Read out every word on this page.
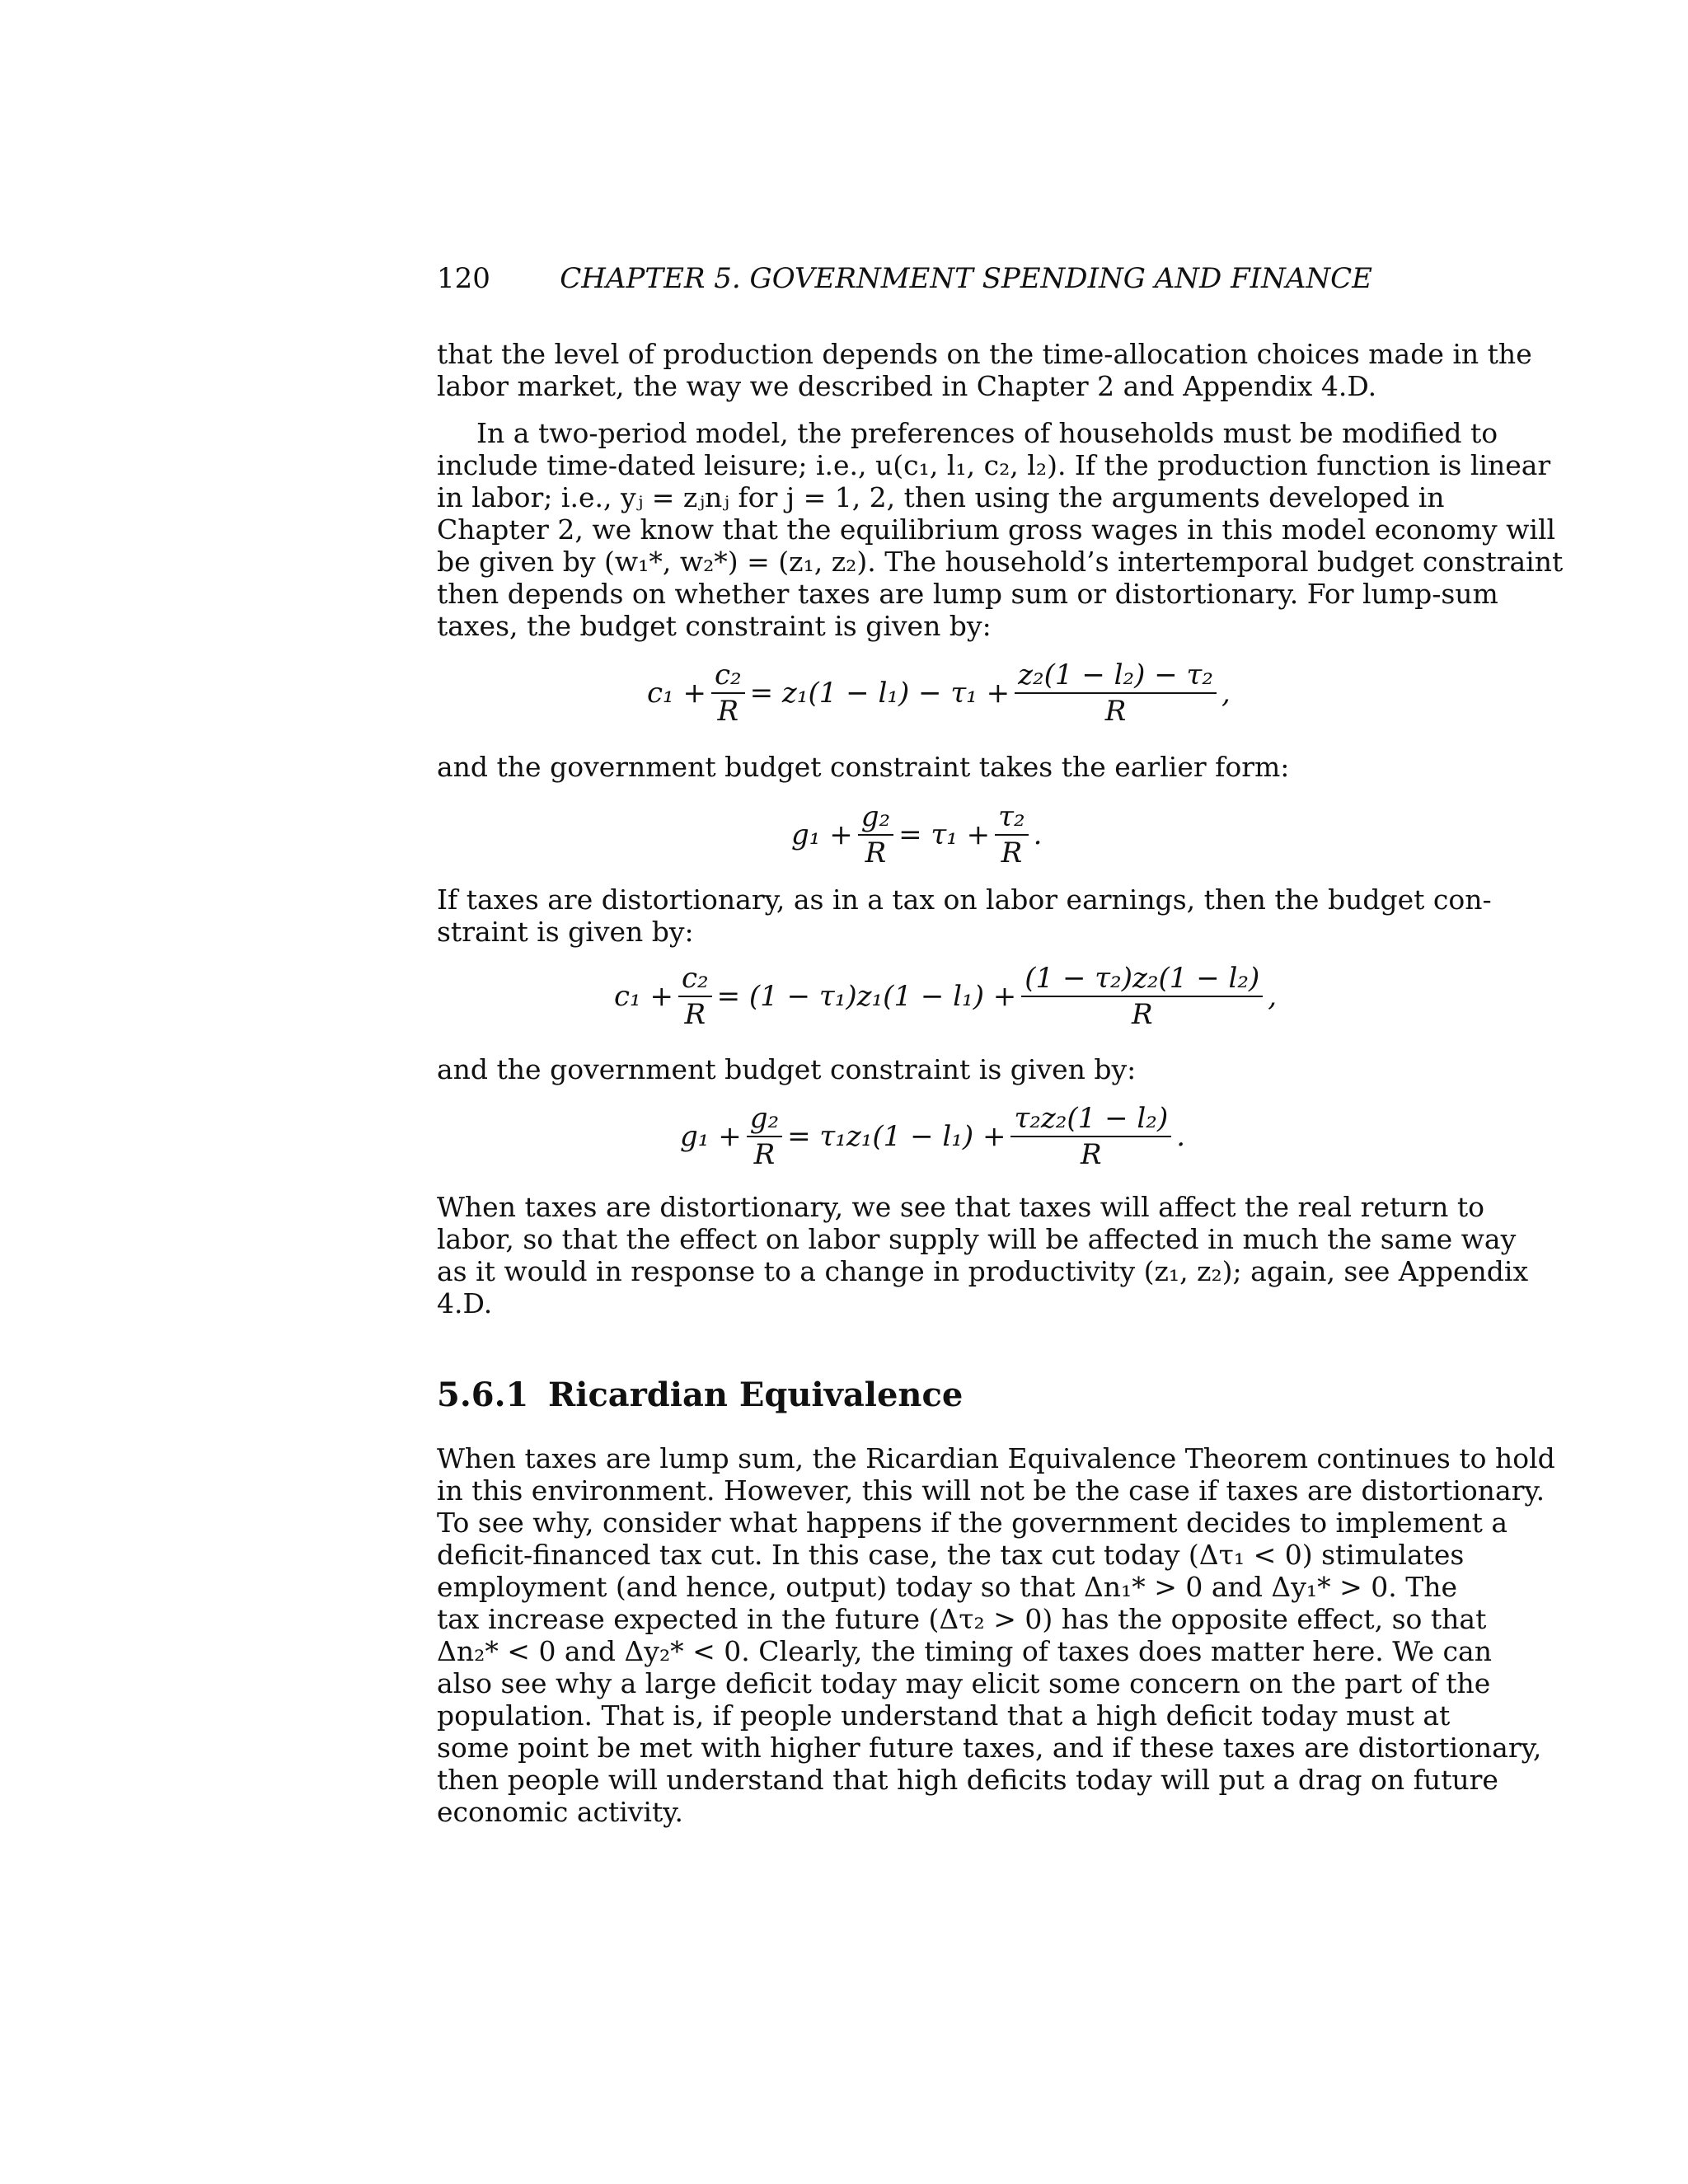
120 CHAPTER 5. GOVERNMENT SPENDING AND FINANCE
that the level of production depends on the time-allocation choices made in the
labor market, the way we described in Chapter 2 and Appendix 4.D.
In a two-period model, the preferences of households must be modified to
include time-dated leisure; i.e., u(c₁, l₁, c₂, l₂). If the production function is linear
in labor; i.e., yⱼ = zⱼnⱼ for j = 1, 2, then using the arguments developed in
Chapter 2, we know that the equilibrium gross wages in this model economy will
be given by (w₁*, w₂*) = (z₁, z₂). The household’s intertemporal budget constraint
then depends on whether taxes are lump sum or distortionary. For lump-sum
taxes, the budget constraint is given by:
$c_1 + \frac{\text{c₂}}{R} = z_1(1 - l_1) - \tau_1 + \frac{\text{z₂(1 − l₂) − τ₂}}{R}$ ,
and the government budget constraint takes the earlier form:
$g_1 + \frac{\text{g₂}}{R} = \tau_1 + \frac{\text{τ₂}}{R}$ .
If taxes are distortionary, as in a tax on labor earnings, then the budget con-
straint is given by:
$c_1 + \frac{\text{c₂}}{R} = (1 - \tau_1)z_1(1 - l_1) + \frac{\text{(1 − τ₂)z₂(1 − l₂)}}{R}$ ,
and the government budget constraint is given by:
$g_1 + \frac{\text{g₂}}{R} = \tau_1z_1(1 - l_1) + \frac{\text{τ₂z₂(1 − l₂)}}{R}$ .
When taxes are distortionary, we see that taxes will affect the real return to
labor, so that the effect on labor supply will be affected in much the same way
as it would in response to a change in productivity (z₁, z₂); again, see Appendix
4.D.
5.6.1 Ricardian Equivalence
When taxes are lump sum, the Ricardian Equivalence Theorem continues to hold
in this environment. However, this will not be the case if taxes are distortionary.
To see why, consider what happens if the government decides to implement a
deficit-financed tax cut. In this case, the tax cut today (Δτ₁ < 0) stimulates
employment (and hence, output) today so that Δn₁* > 0 and Δy₁* > 0. The
tax increase expected in the future (Δτ₂ > 0) has the opposite effect, so that
Δn₂* < 0 and Δy₂* < 0. Clearly, the timing of taxes does matter here. We can
also see why a large deficit today may elicit some concern on the part of the
population. That is, if people understand that a high deficit today must at
some point be met with higher future taxes, and if these taxes are distortionary,
then people will understand that high deficits today will put a drag on future
economic activity.
